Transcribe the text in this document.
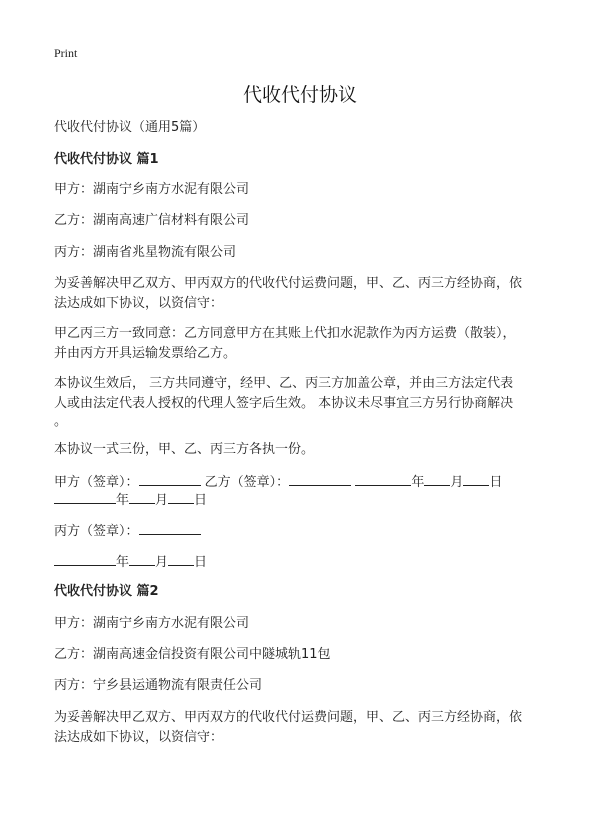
Print
代收代付协议
代收代付协议（通用5篇）
代收代付协议 篇1
甲方：湖南宁乡南方水泥有限公司
乙方：湖南高速广信材料有限公司
丙方：湖南省兆星物流有限公司
为妥善解决甲乙双方、甲丙双方的代收代付运费问题，甲、乙、丙三方经协商，依
法达成如下协议，以资信守：
甲乙丙三方一致同意：乙方同意甲方在其账上代扣水泥款作为丙方运费（散装），
并由丙方开具运输发票给乙方。
本协议生效后， 三方共同遵守，经甲、乙、丙三方加盖公章，并由三方法定代表
人或由法定代表人授权的代理人签字后生效。 本协议未尽事宜三方另行协商解决
。
本协议一式三份，甲、乙、丙三方各执一份。
甲方（签章）：	乙方（签章）：	年 月 日
年 月 日
丙方（签章）：
年 月 日
代收代付协议 篇2
甲方：湖南宁乡南方水泥有限公司
乙方：湖南高速金信投资有限公司中隧城轨11包
丙方：宁乡县运通物流有限责任公司
为妥善解决甲乙双方、甲丙双方的代收代付运费问题，甲、乙、丙三方经协商，依
法达成如下协议，以资信守：
